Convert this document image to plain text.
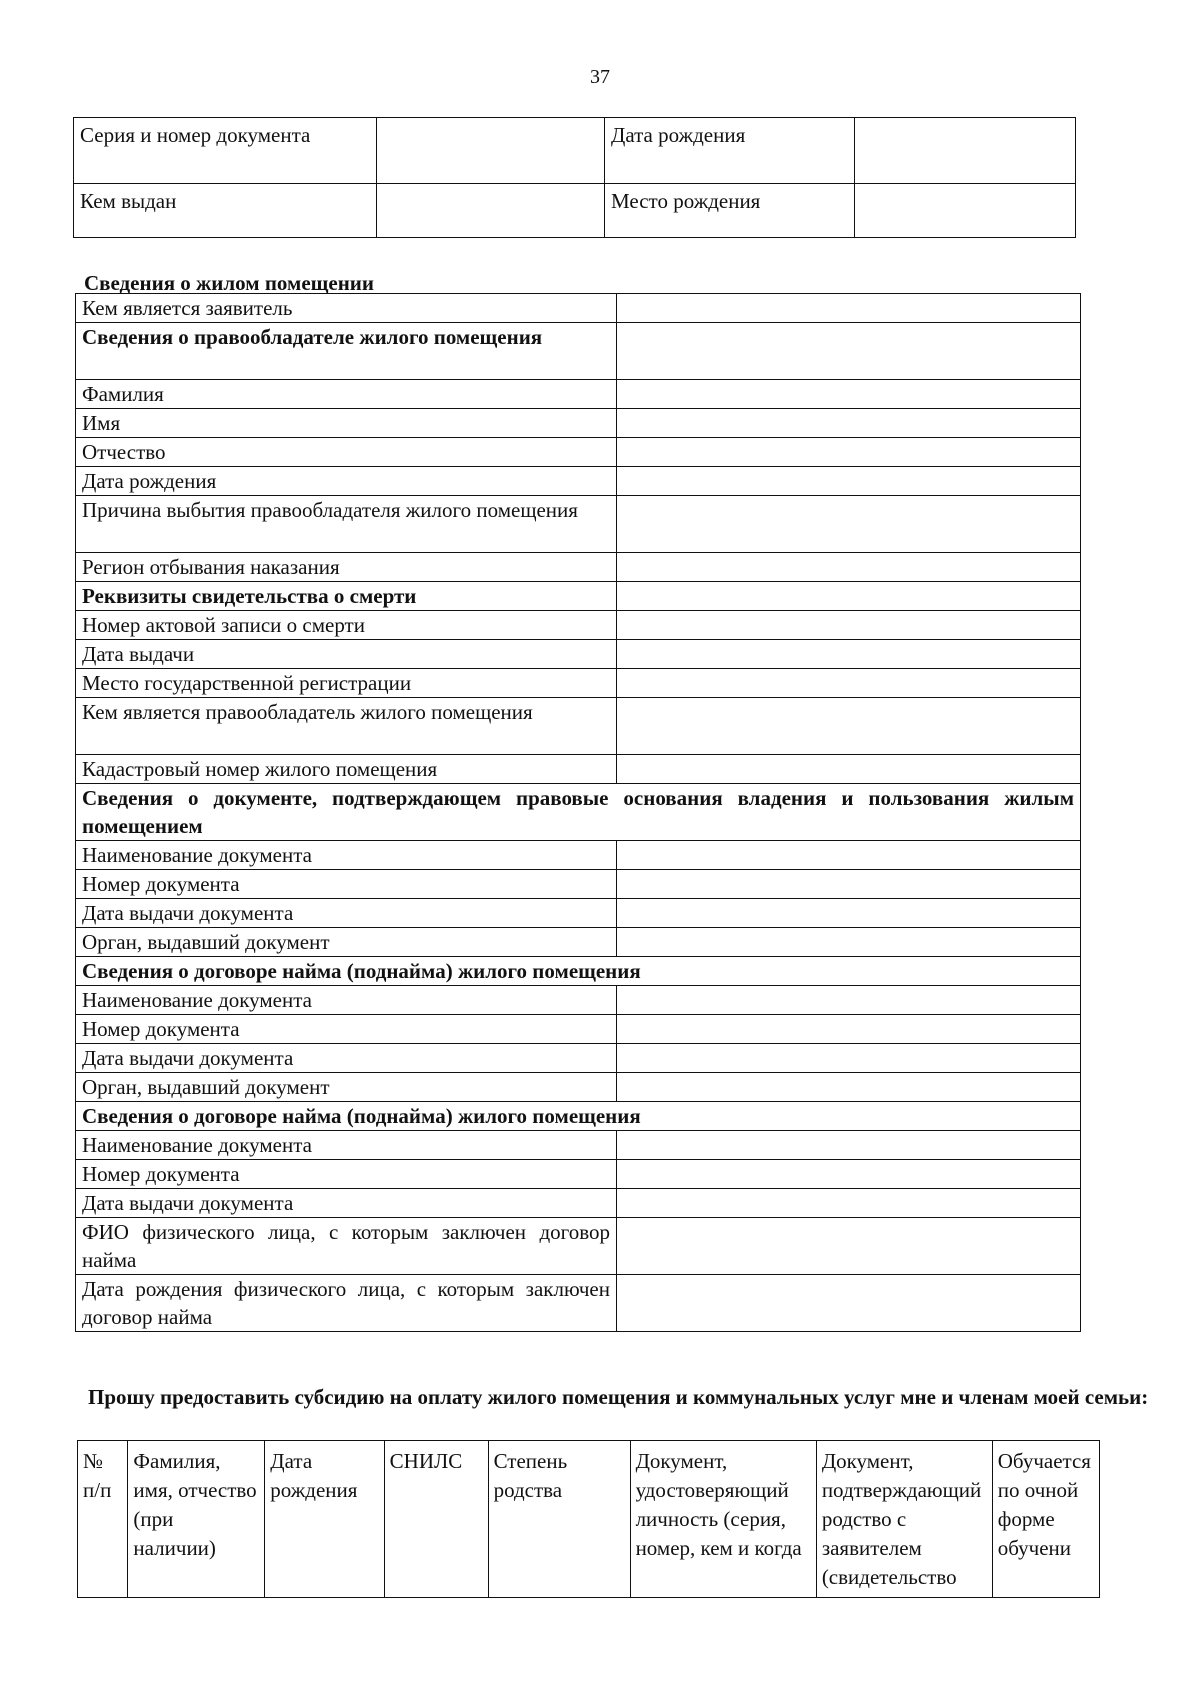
37
Серия и номер документа		Дата рождения	
Кем выдан		Место рождения	
Сведения о жилом помещении
Кем является заявитель	
Сведения о правообладателе жилого помещения	
Фамилия	
Имя	
Отчество	
Дата рождения	
Причина выбытия правообладателя жилого помещения	
Регион отбывания наказания	
Реквизиты свидетельства о смерти	
Номер актовой записи о смерти	
Дата выдачи	
Место государственной регистрации	
Кем является правообладатель жилого помещения	
Кадастровый номер жилого помещения	
Сведения о документе, подтверждающем правовые основания владения и пользования жилым помещением	
Наименование документа	
Номер документа	
Дата выдачи документа	
Орган, выдавший документ	
Сведения о договоре найма (поднайма) жилого помещения	
Наименование документа	
Номер документа	
Дата выдачи документа	
Орган, выдавший документ	
Сведения о договоре найма (поднайма) жилого помещения	
Наименование документа	
Номер документа	
Дата выдачи документа	
ФИО физического лица, с которым заключен договор найма	
Дата рождения физического лица, с которым заключен договор найма	
Прошу предоставить субсидию на оплату жилого помещения и коммунальных услуг мне и членам моей семьи:
№ п/п	Фамилия, имя, отчество (при наличии)	Дата рождения	СНИЛС	Степень родства	Документ, удостоверяющий личность (серия, номер, кем и когда	Документ, подтверждающий родство с заявителем (свидетельство	Обучается по очной форме обучени
